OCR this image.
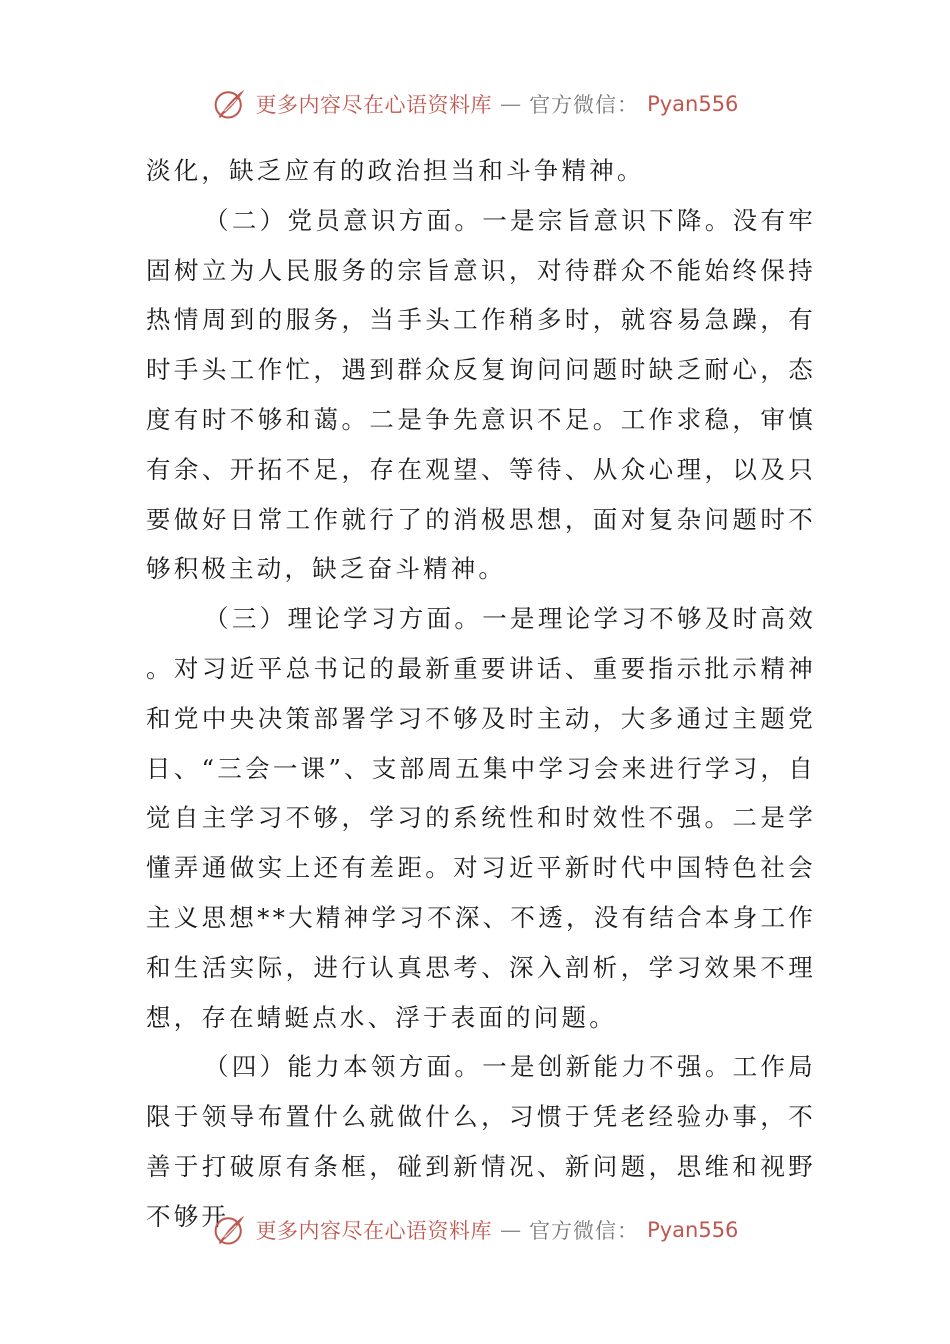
更多内容尽在心语资料库 — 官方微信： Pyan556

淡化，缺乏应有的政治担当和斗争精神。

（二）党员意识方面。一是宗旨意识下降。没有牢固树立为人民服务的宗旨意识，对待群众不能始终保持热情周到的服务，当手头工作稍多时，就容易急躁，有时手头工作忙，遇到群众反复询问问题时缺乏耐心，态度有时不够和蔼。二是争先意识不足。工作求稳，审慎有余、开拓不足，存在观望、等待、从众心理，以及只要做好日常工作就行了的消极思想，面对复杂问题时不够积极主动，缺乏奋斗精神。

（三）理论学习方面。一是理论学习不够及时高效。对习近平总书记的最新重要讲话、重要指示批示精神和党中央决策部署学习不够及时主动，大多通过主题党日、“三会一课”、支部周五集中学习会来进行学习，自觉自主学习不够，学习的系统性和时效性不强。二是学懂弄通做实上还有差距。对习近平新时代中国特色社会主义思想**大精神学习不深、不透，没有结合本身工作和生活实际，进行认真思考、深入剖析，学习效果不理想，存在蜻蜓点水、浮于表面的问题。

（四）能力本领方面。一是创新能力不强。工作局限于领导布置什么就做什么，习惯于凭老经验办事，不善于打破原有条框，碰到新情况、新问题，思维和视野不够开

更多内容尽在心语资料库 — 官方微信： Pyan556
